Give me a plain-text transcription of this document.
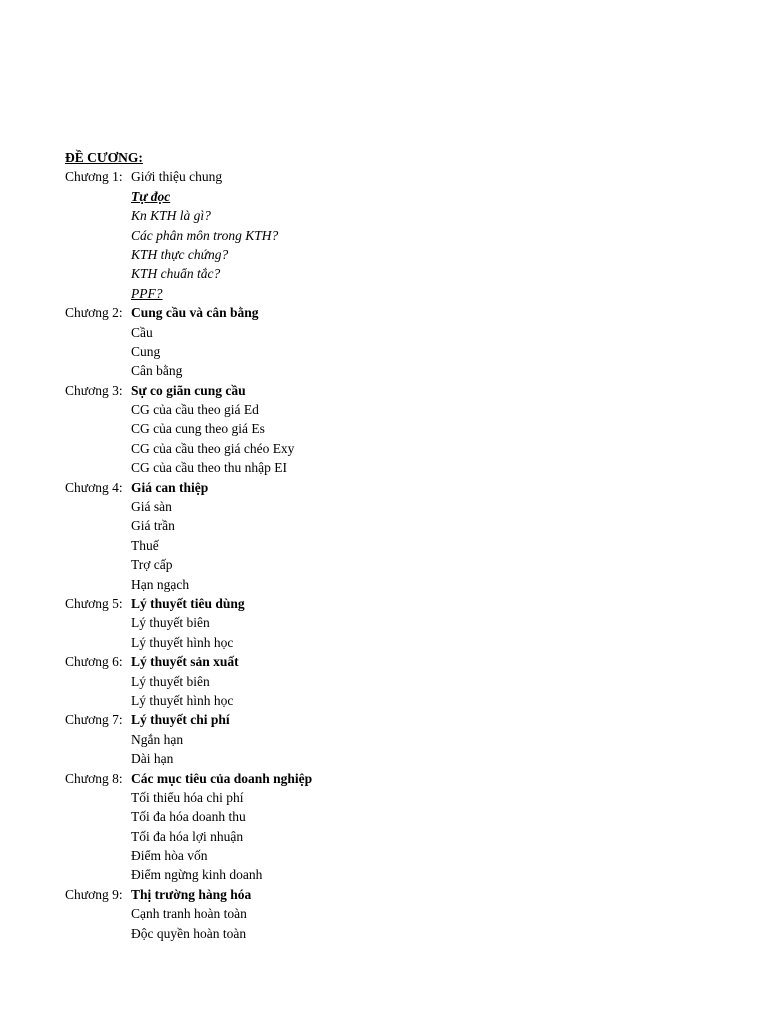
ĐỀ CƯƠNG:
Chương 1: Giới thiệu chung
Tự đọc
Kn KTH là gì?
Các phân môn trong KTH?
KTH thực chứng?
KTH chuẩn tắc?
PPF?
Chương 2: Cung cầu và cân bằng
Cầu
Cung
Cân bằng
Chương 3: Sự co giãn cung cầu
CG của cầu theo giá Ed
CG của cung theo giá Es
CG của cầu theo giá chéo Exy
CG của cầu theo thu nhập EI
Chương 4: Giá can thiệp
Giá sàn
Giá trần
Thuế
Trợ cấp
Hạn ngạch
Chương 5: Lý thuyết tiêu dùng
Lý thuyết biên
Lý thuyết hình học
Chương 6: Lý thuyết sản xuất
Lý thuyết biên
Lý thuyết hình học
Chương 7: Lý thuyết chi phí
Ngắn hạn
Dài hạn
Chương 8: Các mục tiêu của doanh nghiệp
Tối thiểu hóa chi phí
Tối đa hóa doanh thu
Tối đa hóa lợi nhuận
Điểm hòa vốn
Điểm ngừng kinh doanh
Chương 9: Thị trường hàng hóa
Cạnh tranh hoàn toàn
Độc quyền hoàn toàn
